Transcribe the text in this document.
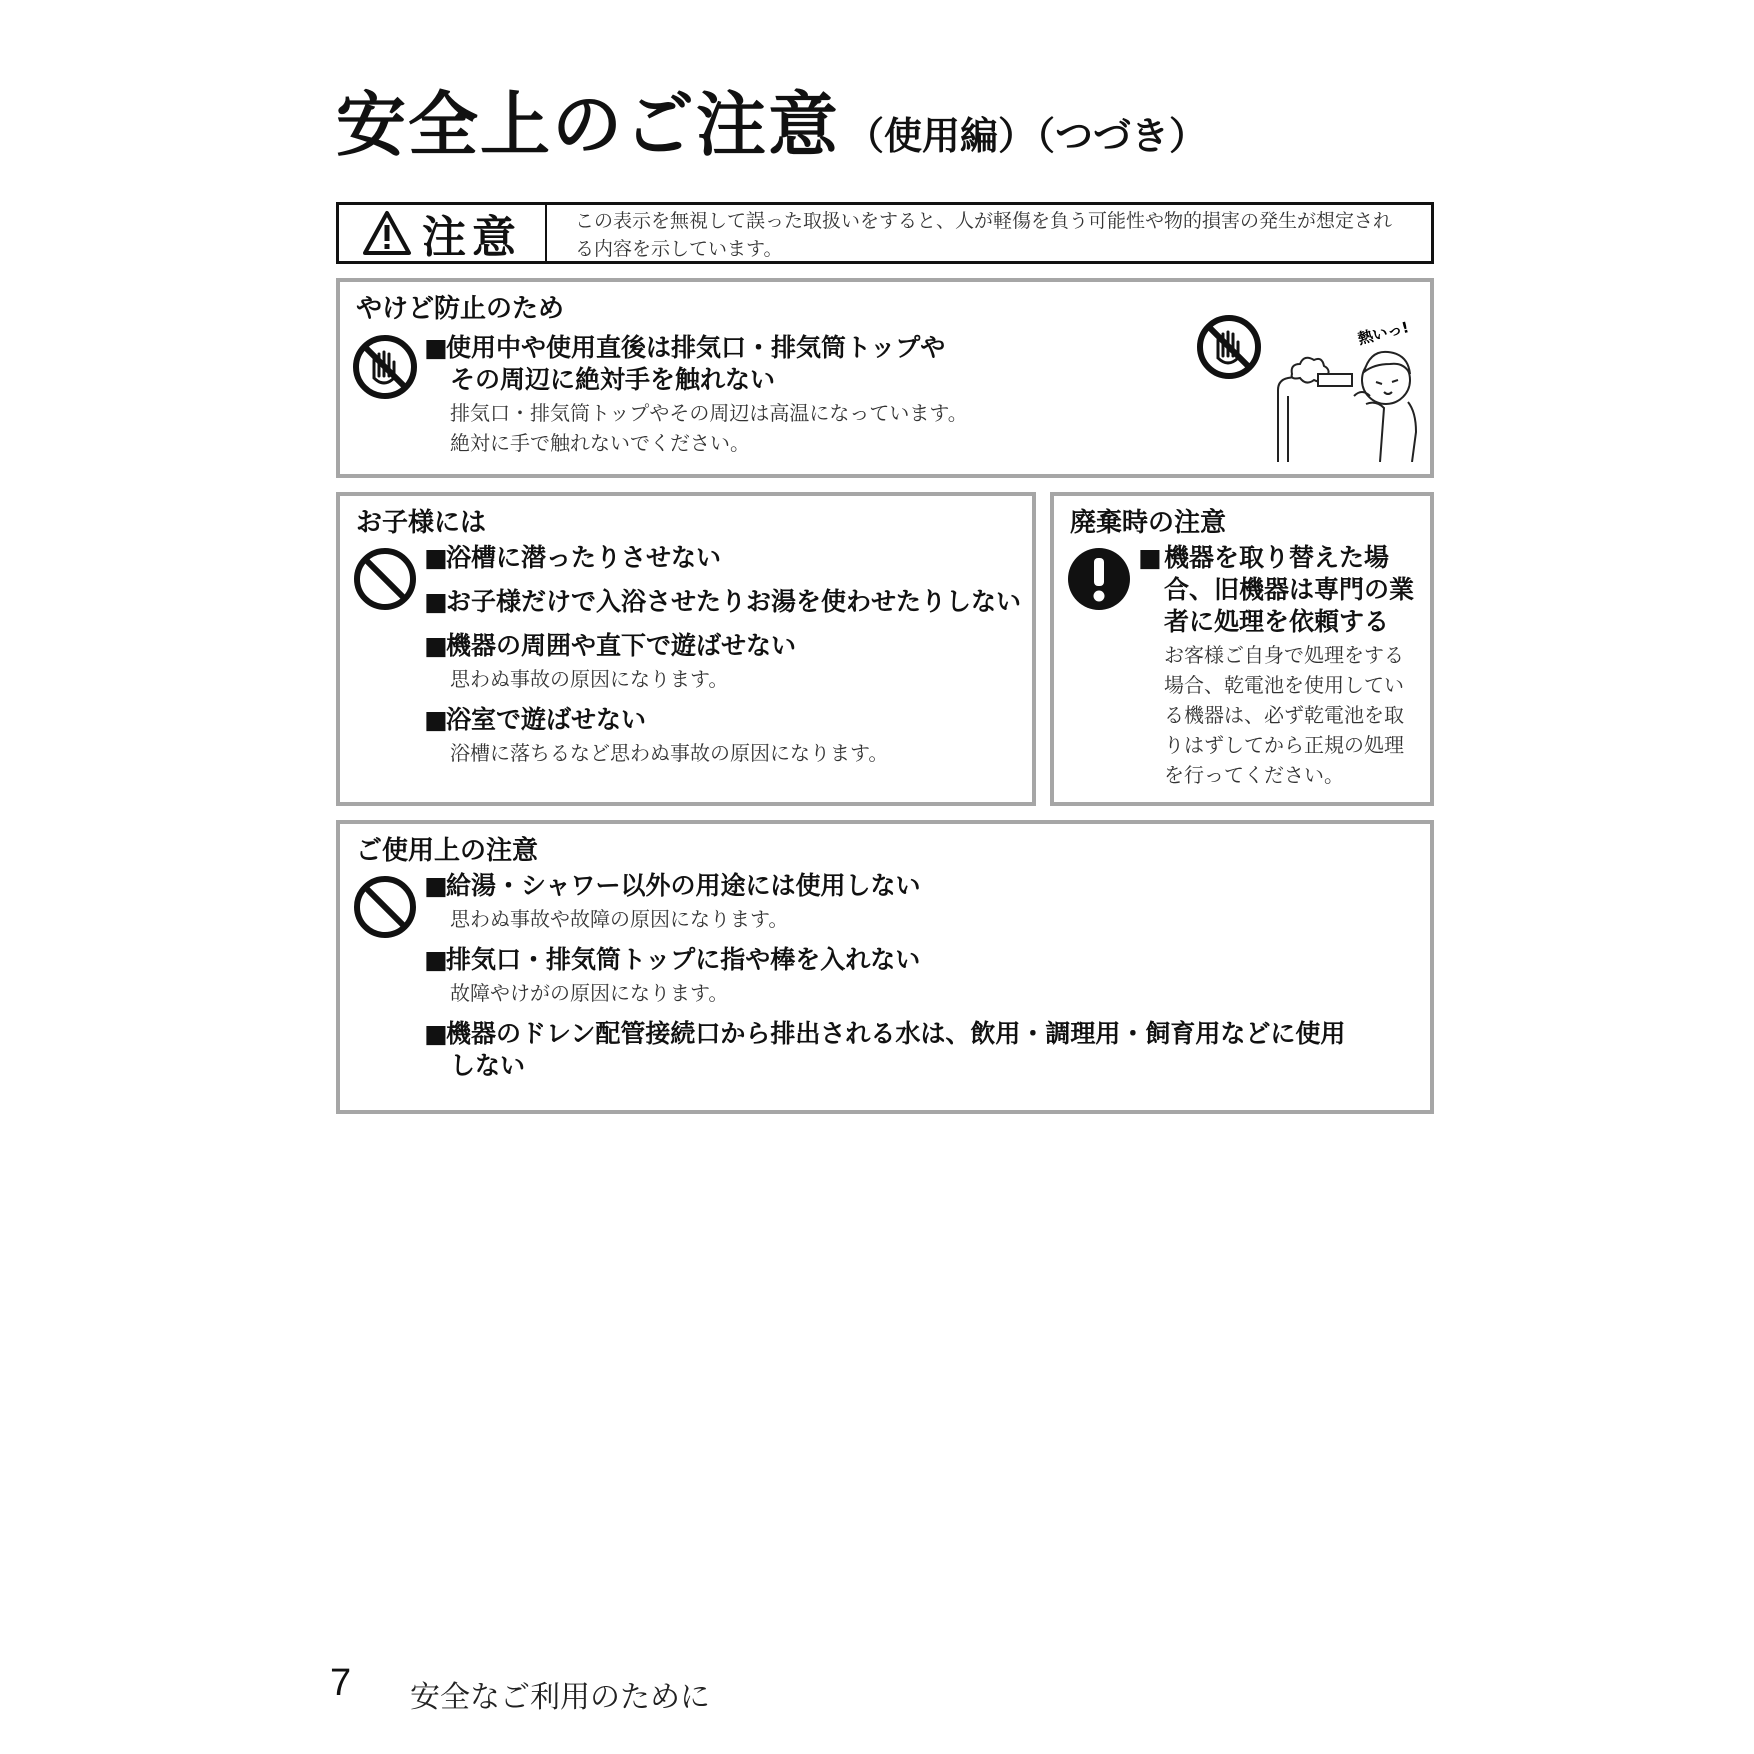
安全上のご注意 （使用編）（つづき）
注意	この表示を無視して誤った取扱いをすると、人が軽傷を負う可能性や物的損害の発生が想定される内容を示しています。
やけど防止のため
■使用中や使用直後は排気口・排気筒トップや
その周辺に絶対手を触れない
排気口・排気筒トップやその周辺は高温になっています。
絶対に手で触れないでください。
熱いっ!
お子様には
■浴槽に潜ったりさせない
■お子様だけで入浴させたりお湯を使わせたりしない
■機器の周囲や直下で遊ばせない
思わぬ事故の原因になります。
■浴室で遊ばせない
浴槽に落ちるなど思わぬ事故の原因になります。
廃棄時の注意
■機器を取り替えた場
合、旧機器は専門の業
者に処理を依頼する
お客様ご自身で処理をする
場合、乾電池を使用してい
る機器は、必ず乾電池を取
りはずしてから正規の処理
を行ってください。
ご使用上の注意
■給湯・シャワー以外の用途には使用しない
思わぬ事故や故障の原因になります。
■排気口・排気筒トップに指や棒を入れない
故障やけがの原因になります。
■機器のドレン配管接続口から排出される水は、飲用・調理用・飼育用などに使用
しない
7 安全なご利用のために
